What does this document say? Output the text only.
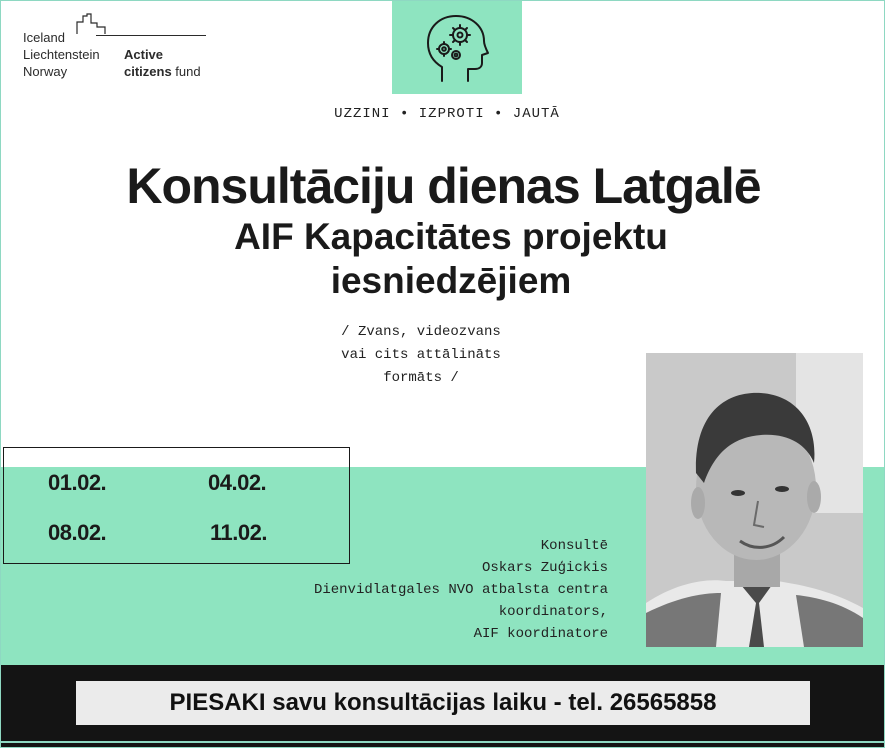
Iceland
Liechtenstein
Norway
Active
citizens fund
UZZINI • IZPROTI • JAUTĀ
Konsultāciju dienas Latgalē
AIF Kapacitātes projektu
iesniedzējiem
/ Zvans, videozvans
vai cits attālināts
formāts /
01.02.	04.02.
08.02.	11.02.
Konsultē
Oskars Zuģickis
Dienvidlatgales NVO atbalsta centra
koordinators,
AIF koordinatore
PIESAKI savu konsultācijas laiku - tel. 26565858
